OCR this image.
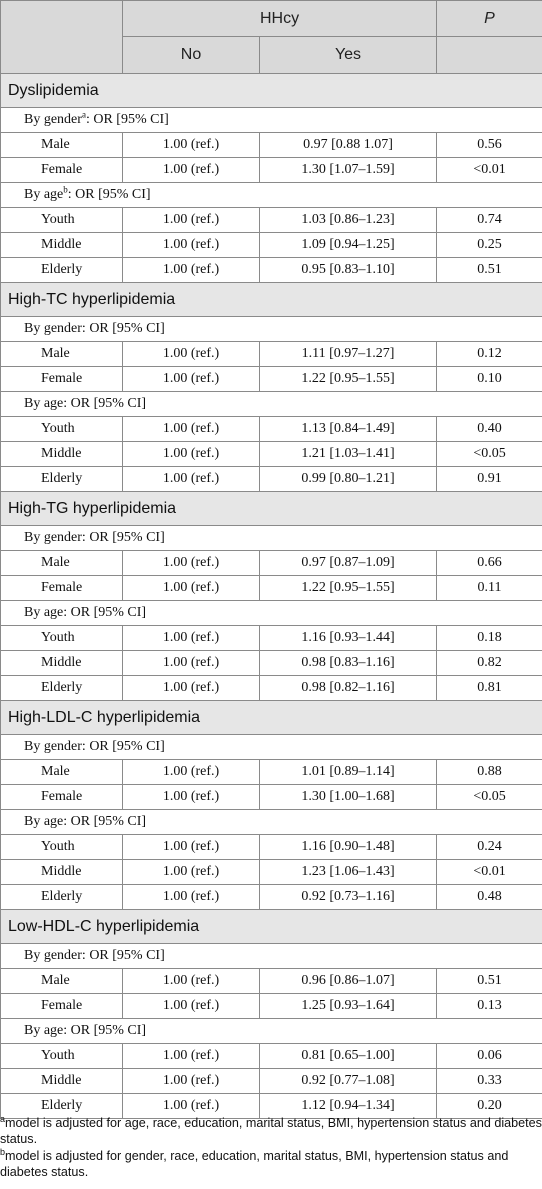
	HHcy		P
	No	Yes	
Dyslipidemia			
By gender$^a$: OR [95% CI]			
Male	1.00 (ref.)	0.97 [0.88 1.07]	0.56
Female	1.00 (ref.)	1.30 [1.07–1.59]	<0.01
By age$^b$: OR [95% CI]			
Youth	1.00 (ref.)	1.03 [0.86–1.23]	0.74
Middle	1.00 (ref.)	1.09 [0.94–1.25]	0.25
Elderly	1.00 (ref.)	0.95 [0.83–1.10]	0.51
High-TC hyperlipidemia			
By gender: OR [95% CI]			
Male	1.00 (ref.)	1.11 [0.97–1.27]	0.12
Female	1.00 (ref.)	1.22 [0.95–1.55]	0.10
By age: OR [95% CI]			
Youth	1.00 (ref.)	1.13 [0.84–1.49]	0.40
Middle	1.00 (ref.)	1.21 [1.03–1.41]	<0.05
Elderly	1.00 (ref.)	0.99 [0.80–1.21]	0.91
High-TG hyperlipidemia			
By gender: OR [95% CI]			
Male	1.00 (ref.)	0.97 [0.87–1.09]	0.66
Female	1.00 (ref.)	1.22 [0.95–1.55]	0.11
By age: OR [95% CI]			
Youth	1.00 (ref.)	1.16 [0.93–1.44]	0.18
Middle	1.00 (ref.)	0.98 [0.83–1.16]	0.82
Elderly	1.00 (ref.)	0.98 [0.82–1.16]	0.81
High-LDL-C hyperlipidemia			
By gender: OR [95% CI]			
Male	1.00 (ref.)	1.01 [0.89–1.14]	0.88
Female	1.00 (ref.)	1.30 [1.00–1.68]	<0.05
By age: OR [95% CI]			
Youth	1.00 (ref.)	1.16 [0.90–1.48]	0.24
Middle	1.00 (ref.)	1.23 [1.06–1.43]	<0.01
Elderly	1.00 (ref.)	0.92 [0.73–1.16]	0.48
Low-HDL-C hyperlipidemia			
By gender: OR [95% CI]			
Male	1.00 (ref.)	0.96 [0.86–1.07]	0.51
Female	1.00 (ref.)	1.25 [0.93–1.64]	0.13
By age: OR [95% CI]			
Youth	1.00 (ref.)	0.81 [0.65–1.00]	0.06
Middle	1.00 (ref.)	0.92 [0.77–1.08]	0.33
Elderly	1.00 (ref.)	1.12 [0.94–1.34]	0.20

$^a$model is adjusted for age, race, education, marital status, BMI, hypertension status and diabetes status.

$^b$model is adjusted for gender, race, education, marital status, BMI, hypertension status and diabetes status.
